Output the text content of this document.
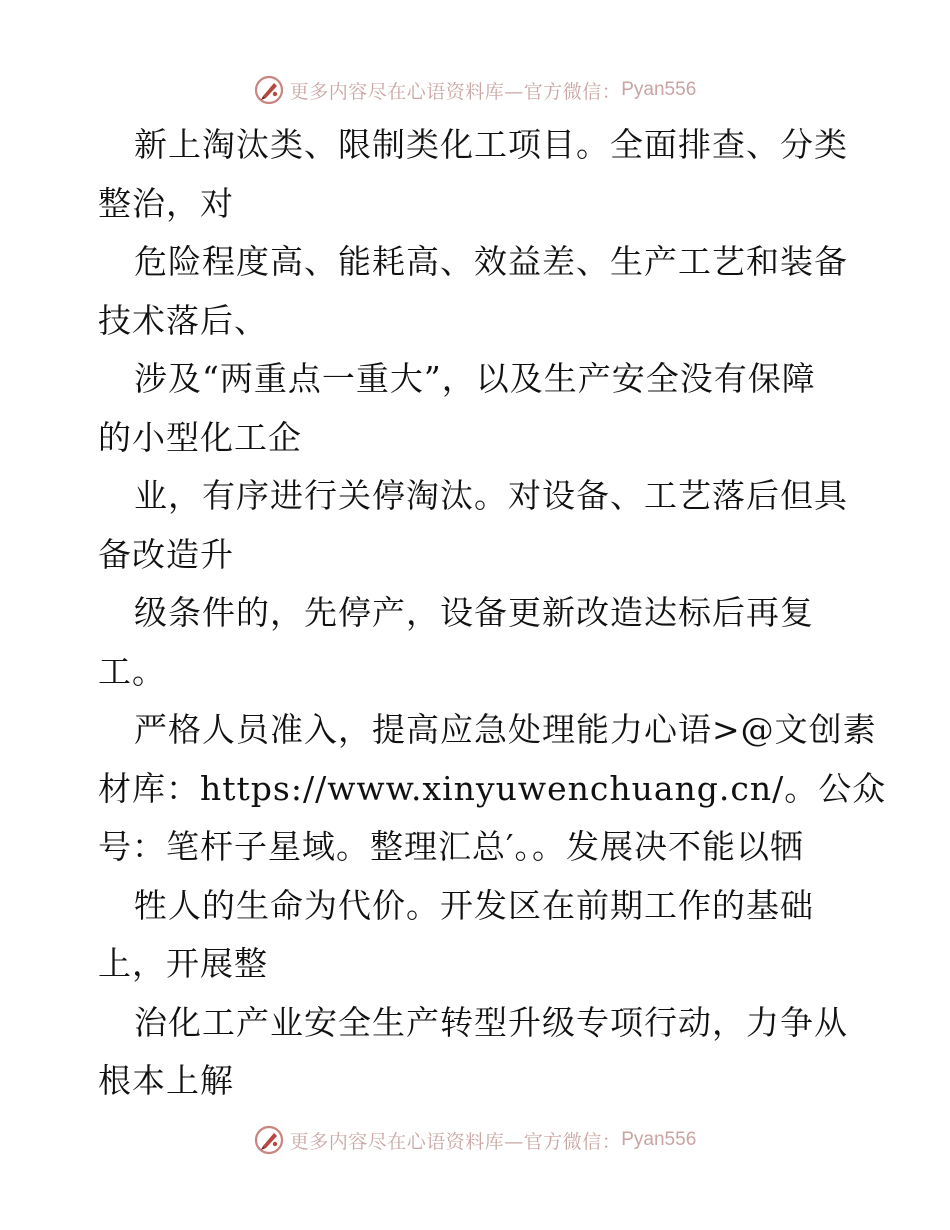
更多内容尽在心语资料库—官方微信： Pyan556
新上淘汰类、限制类化工项目。全面排查、分类
整治，对
危险程度高、能耗高、效益差、生产工艺和装备
技术落后、
涉及“两重点一重大”，以及生产安全没有保障
的小型化工企
业，有序进行关停淘汰。对设备、工艺落后但具
备改造升
级条件的，先停产，设备更新改造达标后再复
工。
严格人员准入，提高应急处理能力心语>@文创素
材库：https://www.xinyuwenchuang.cn/。公众
号：笔杆子星域。整理汇总′。。发展决不能以牺
牲人的生命为代价。开发区在前期工作的基础
上，开展整
治化工产业安全生产转型升级专项行动，力争从
根本上解
更多内容尽在心语资料库—官方微信： Pyan556
